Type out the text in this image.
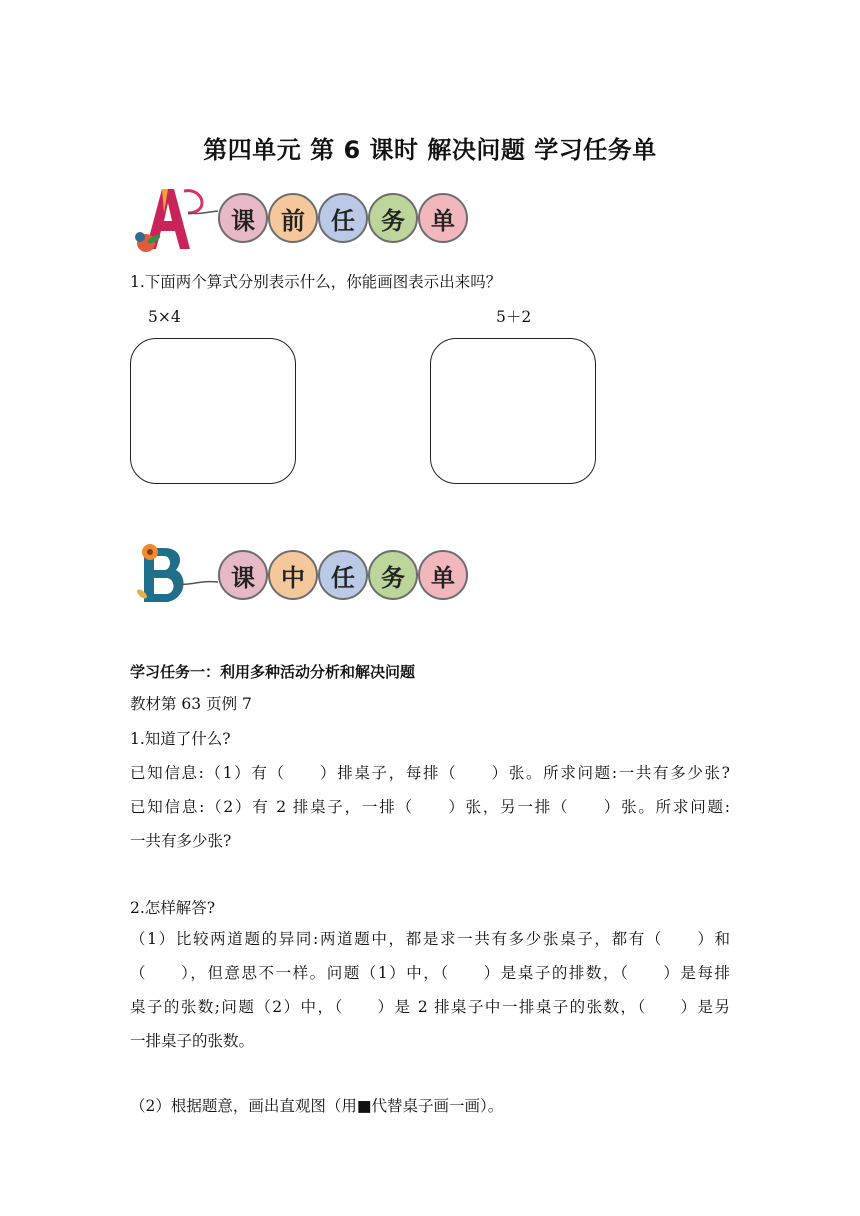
第四单元 第 6 课时 解决问题 学习任务单
课	前	任	务	单
1.下面两个算式分别表示什么，你能画图表示出来吗？
5×4	5＋2
课	中	任	务	单
学习任务一：利用多种活动分析和解决问题
教材第 63 页例 7
1.知道了什么?
已知信息:（1）有（　　）排桌子，每排（　　）张。所求问题:一共有多少张?
已知信息:（2）有 2 排桌子，一排（　　）张，另一排（　　）张。所求问题:
一共有多少张?
2.怎样解答?
（1）比较两道题的异同:两道题中，都是求一共有多少张桌子，都有（　　）和
（　　），但意思不一样。问题（1）中，（　　）是桌子的排数，（　　）是每排
桌子的张数;问题（2）中，（　　）是 2 排桌子中一排桌子的张数，（　　）是另
一排桌子的张数。
（2）根据题意，画出直观图（用■代替桌子画一画）。
